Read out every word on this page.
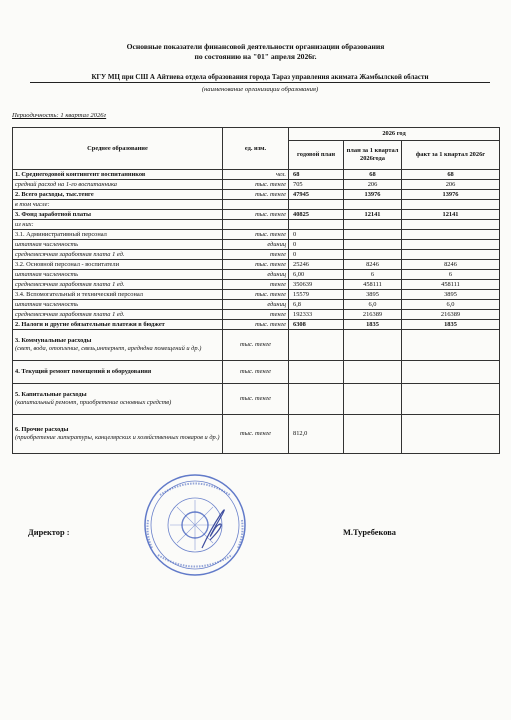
Основные показатели финансовой деятельности организации образования
по состоянию на "01" апреля 2026г.
КГУ МЦ при СШ А Айтиева отдела образования города Тараз управления акимата Жамбылской области
(наименование организации образования)
Периодичность: 1 квартал 2026г
Среднее образование	ед. изм.	2026 год		
		годовой план	план за 1 квартал 2026года	факт за 1 квартал 2026г
1. Среднегодовой контингент воспитанников	чел.	68	68	68
средний расход на 1-го воспитанника	тыс. тенге	705	206	206
2. Всего расходы, тыс.тенге	тыс. тенге	47945	13976	13976
в том числе:				
3. Фонд заработной платы	тыс. тенге	40825	12141	12141
из них:				
3.1. Административный персонал	тыс. тенге	0		
штатная численность	единиц	0		
среднемесячная заработная плата 1 ед.	тенге	0		
3.2. Основной персонал - воспитатели	тыс. тенге	25246	8246	8246
штатная численность	единиц	6,00	6	6
среднемесячная заработная плата 1 ед.	тенге	350639	458111	458111
3.4. Вспомогательный и технический персонал	тыс. тенге	15579	3895	3895
штатная численность	единиц	6,8	6,0	6,0
среднемесячная заработная плата 1 ед.	тенге	192333	216389	216389
2. Налоги и другие обязательные платежи в бюджет	тыс. тенге	6308	1835	1835
3. Коммунальные расходы
(свет, вода, отопление, связь,интернет, аредндна помещений и др.)	тыс. тенге			
4. Текущий ремонт помещений и оборудования	тыс. тенге			
5. Капитальные расходы
(капитальный ремонт, приобретение основных средств)	тыс. тенге			
6. Прочие расходы
(приобретение литературы, канцелярских и хозяйственных товаров и др.)	тыс. тенге	812,0		
Директор :	М.Туребекова
